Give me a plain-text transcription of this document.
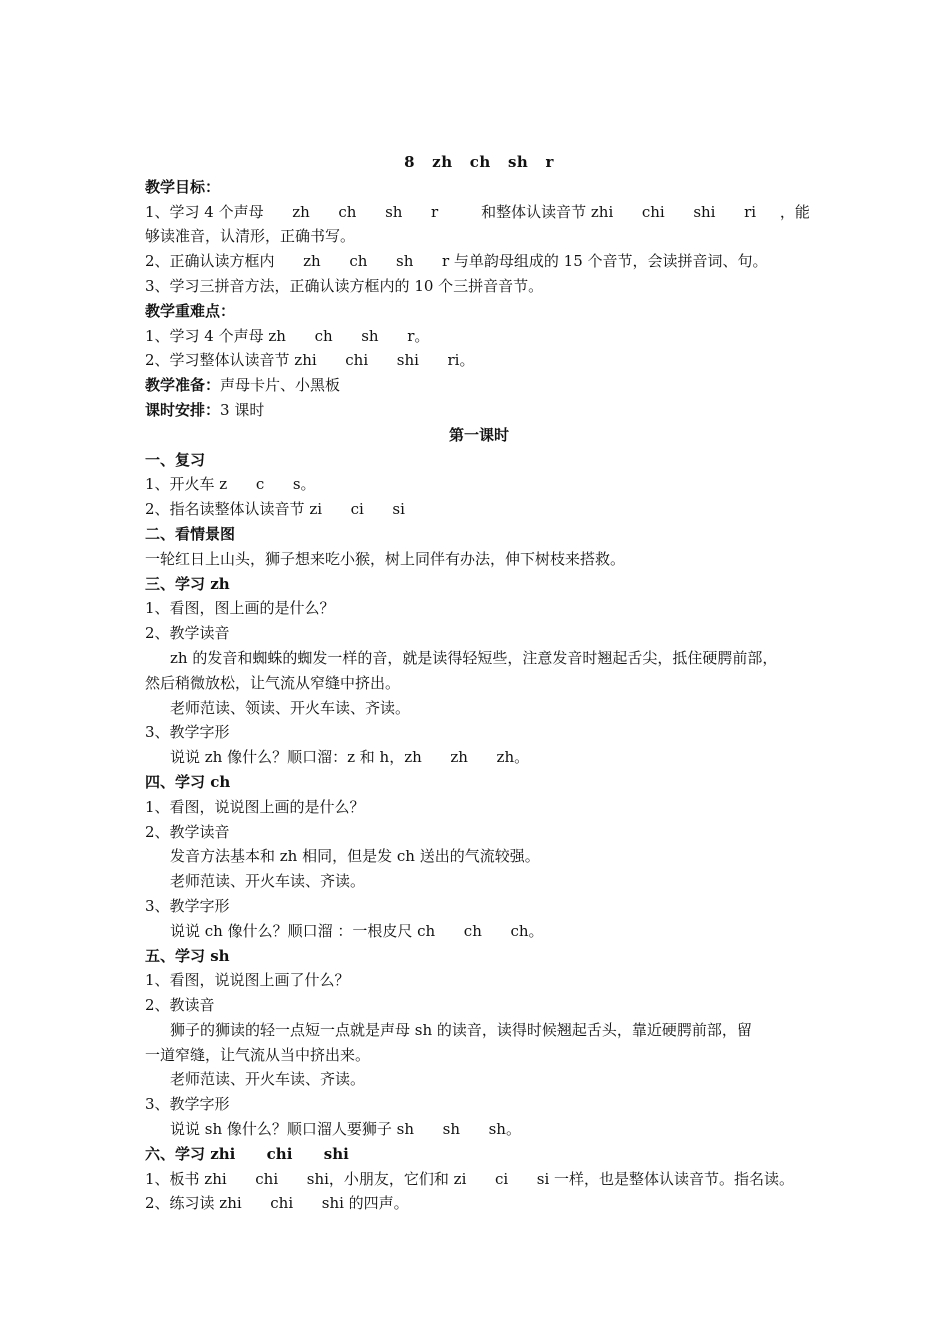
8   zh   ch   sh   r
教学目标：
1、学习 4 个声母      zh      ch      sh      r         和整体认读音节 zhi      chi      shi      ri     ，能
够读准音，认清形，正确书写。
2、正确认读方框内      zh      ch      sh      r 与单韵母组成的 15 个音节，会读拼音词、句。
3、学习三拼音方法，正确认读方框内的 10 个三拼音音节。
教学重难点：
1、学习 4 个声母 zh      ch      sh      r。
2、学习整体认读音节 zhi      chi      shi      ri。
教学准备：声母卡片、小黑板
课时安排：3 课时
第一课时
一、复习
1、开火车 z      c      s。
2、指名读整体认读音节 zi      ci      si
二、看情景图
一轮红日上山头，狮子想来吃小猴，树上同伴有办法，伸下树枝来搭救。
三、学习 zh
1、看图，图上画的是什么？
2、教学读音
zh 的发音和蜘蛛的蜘发一样的音，就是读得轻短些，注意发音时翘起舌尖，抵住硬腭前部，
然后稍微放松，让气流从窄缝中挤出。
老师范读、领读、开火车读、齐读。
3、教学字形
说说 zh 像什么？顺口溜：z 和 h，zh      zh      zh。
四、学习 ch
1、看图，说说图上画的是什么？
2、教学读音
发音方法基本和 zh 相同，但是发 ch 送出的气流较强。
老师范读、开火车读、齐读。
3、教学字形
说说 ch 像什么？顺口溜 ：一根皮尺 ch      ch      ch。
五、学习 sh
1、看图，说说图上画了什么？
2、教读音
狮子的狮读的轻一点短一点就是声母 sh 的读音，读得时候翘起舌头，靠近硬腭前部，留
一道窄缝，让气流从当中挤出来。
老师范读、开火车读、齐读。
3、教学字形
说说 sh 像什么？顺口溜人要狮子 sh      sh      sh。
六、学习 zhi      chi      shi
1、板书 zhi      chi      shi，小朋友，它们和 zi      ci      si 一样，也是整体认读音节。指名读。
2、练习读 zhi      chi      shi 的四声。
